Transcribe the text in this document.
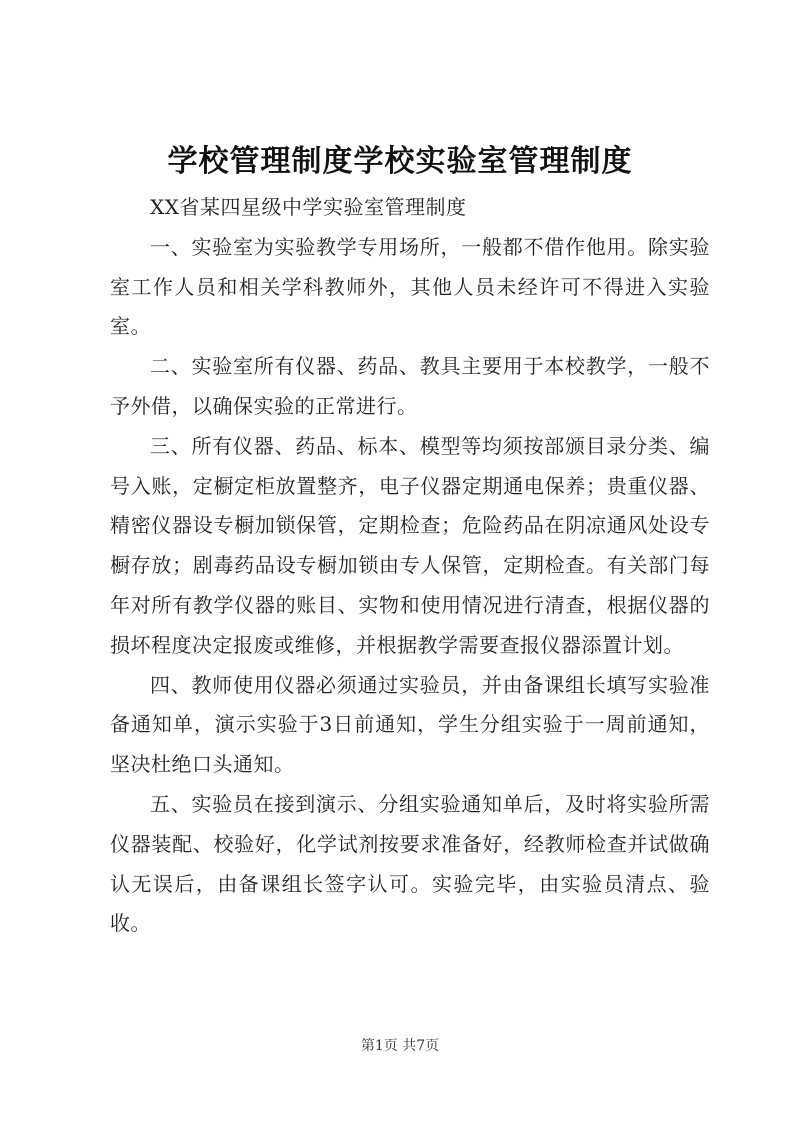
学校管理制度学校实验室管理制度

XX省某四星级中学实验室管理制度

一、实验室为实验教学专用场所，一般都不借作他用。除实验室工作人员和相关学科教师外，其他人员未经许可不得进入实验室。

二、实验室所有仪器、药品、教具主要用于本校教学，一般不予外借，以确保实验的正常进行。

三、所有仪器、药品、标本、模型等均须按部颁目录分类、编号入账，定橱定柜放置整齐，电子仪器定期通电保养；贵重仪器、精密仪器设专橱加锁保管，定期检查；危险药品在阴凉通风处设专橱存放；剧毒药品设专橱加锁由专人保管，定期检查。有关部门每年对所有教学仪器的账目、实物和使用情况进行清查，根据仪器的损坏程度决定报废或维修，并根据教学需要查报仪器添置计划。

四、教师使用仪器必须通过实验员，并由备课组长填写实验准备通知单，演示实验于3日前通知，学生分组实验于一周前通知，坚决杜绝口头通知。

五、实验员在接到演示、分组实验通知单后，及时将实验所需仪器装配、校验好，化学试剂按要求准备好，经教师检查并试做确认无误后，由备课组长签字认可。实验完毕，由实验员清点、验收。

第1页 共7页
